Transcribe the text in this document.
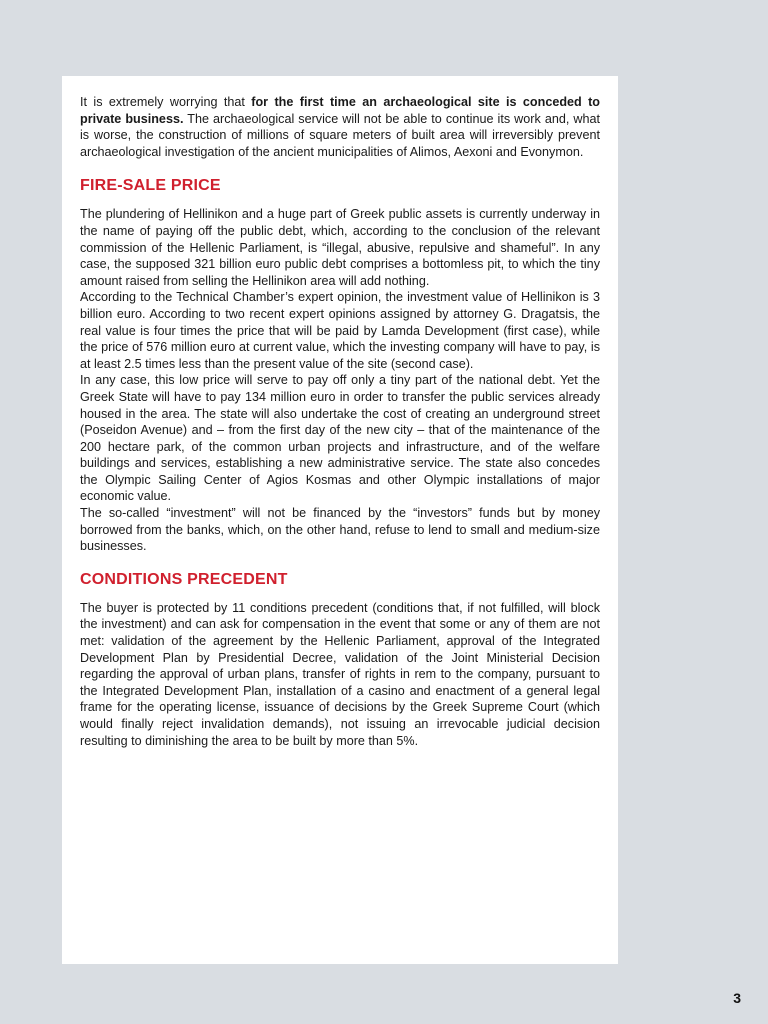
It is extremely worrying that for the first time an archaeological site is conceded to private business. The archaeological service will not be able to continue its work and, what is worse, the construction of millions of square meters of built area will irreversibly prevent archaeological investigation of the ancient municipalities of Alimos, Aexoni and Evonymon.

FIRE-SALE PRICE

The plundering of Hellinikon and a huge part of Greek public assets is currently underway in the name of paying off the public debt, which, according to the conclusion of the relevant commission of the Hellenic Parliament, is “illegal, abusive, repulsive and shameful”. In any case, the supposed 321 billion euro public debt comprises a bottomless pit, to which the tiny amount raised from selling the Hellinikon area will add nothing.

According to the Technical Chamber’s expert opinion, the investment value of Hellinikon is 3 billion euro. According to two recent expert opinions assigned by attorney G. Dragatsis, the real value is four times the price that will be paid by Lamda Development (first case), while the price of 576 million euro at current value, which the investing company will have to pay, is at least 2.5 times less than the present value of the site (second case).

In any case, this low price will serve to pay off only a tiny part of the national debt. Yet the Greek State will have to pay 134 million euro in order to transfer the public services already housed in the area. The state will also undertake the cost of creating an underground street (Poseidon Avenue) and – from the first day of the new city – that of the maintenance of the 200 hectare park, of the common urban projects and infrastructure, and of the welfare buildings and services, establishing a new administrative service. The state also concedes the Olympic Sailing Center of Agios Kosmas and other Olympic installations of major economic value.

The so-called “investment” will not be financed by the “investors” funds but by money borrowed from the banks, which, on the other hand, refuse to lend to small and medium-size businesses.

CONDITIONS PRECEDENT

The buyer is protected by 11 conditions precedent (conditions that, if not fulfilled, will block the investment) and can ask for compensation in the event that some or any of them are not met: validation of the agreement by the Hellenic Parliament, approval of the Integrated Development Plan by Presidential Decree, validation of the Joint Ministerial Decision regarding the approval of urban plans, transfer of rights in rem to the company, pursuant to the Integrated Development Plan, installation of a casino and enactment of a general legal frame for the operating license, issuance of decisions by the Greek Supreme Court (which would finally reject invalidation demands), not issuing an irrevocable judicial decision resulting to diminishing the area to be built by more than 5%.

3
